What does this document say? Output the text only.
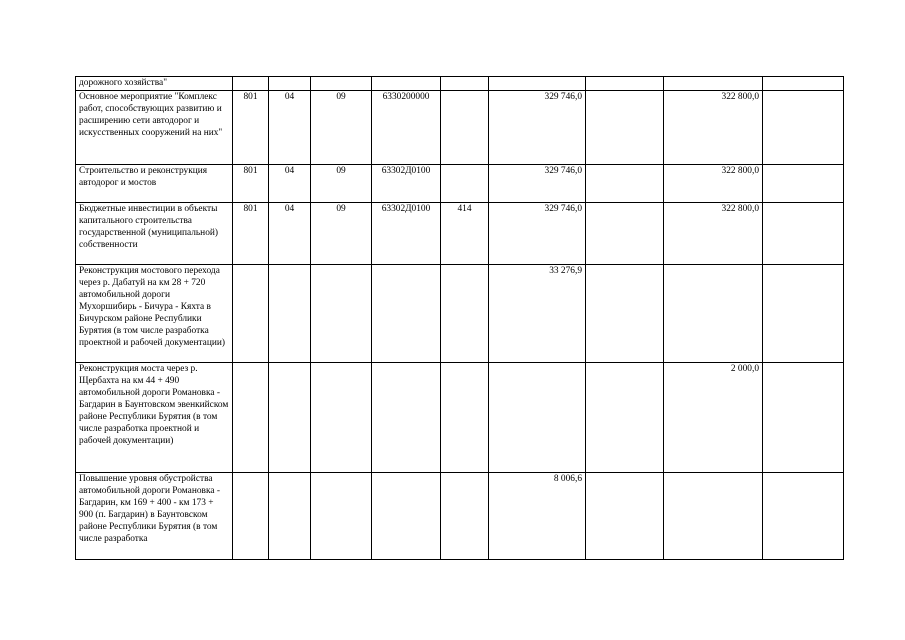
дорожного хозяйства"									
Основное мероприятие "Комплекс работ, способствующих развитию и расширению сети автодорог и искусственных сооружений на них"	801	04	09	6330200000		329 746,0		322 800,0	
Строительство и реконструкция автодорог и мостов	801	04	09	63302Д0100		329 746,0		322 800,0	
Бюджетные инвестиции в объекты капитального строительства государственной (муниципальной) собственности	801	04	09	63302Д0100	414	329 746,0		322 800,0	
Реконструкция мостового перехода через р. Дабатуй на км 28 + 720 автомобильной дороги Мухоршибирь - Бичура - Кяхта в Бичурском районе Республики Бурятия (в том числе разработка проектной и рабочей документации)						33 276,9			
Реконструкция моста через р. Щербахта на км 44 + 490 автомобильной дороги Романовка - Багдарин в Баунтовском эвенкийском районе Республики Бурятия (в том числе разработка проектной и рабочей документации)								2 000,0	
Повышение уровня обустройства автомобильной дороги Романовка - Багдарин, км 169 + 400 - км 173 + 900 (п. Багдарин) в Баунтовском районе Республики Бурятия (в том числе разработка						8 006,6			
